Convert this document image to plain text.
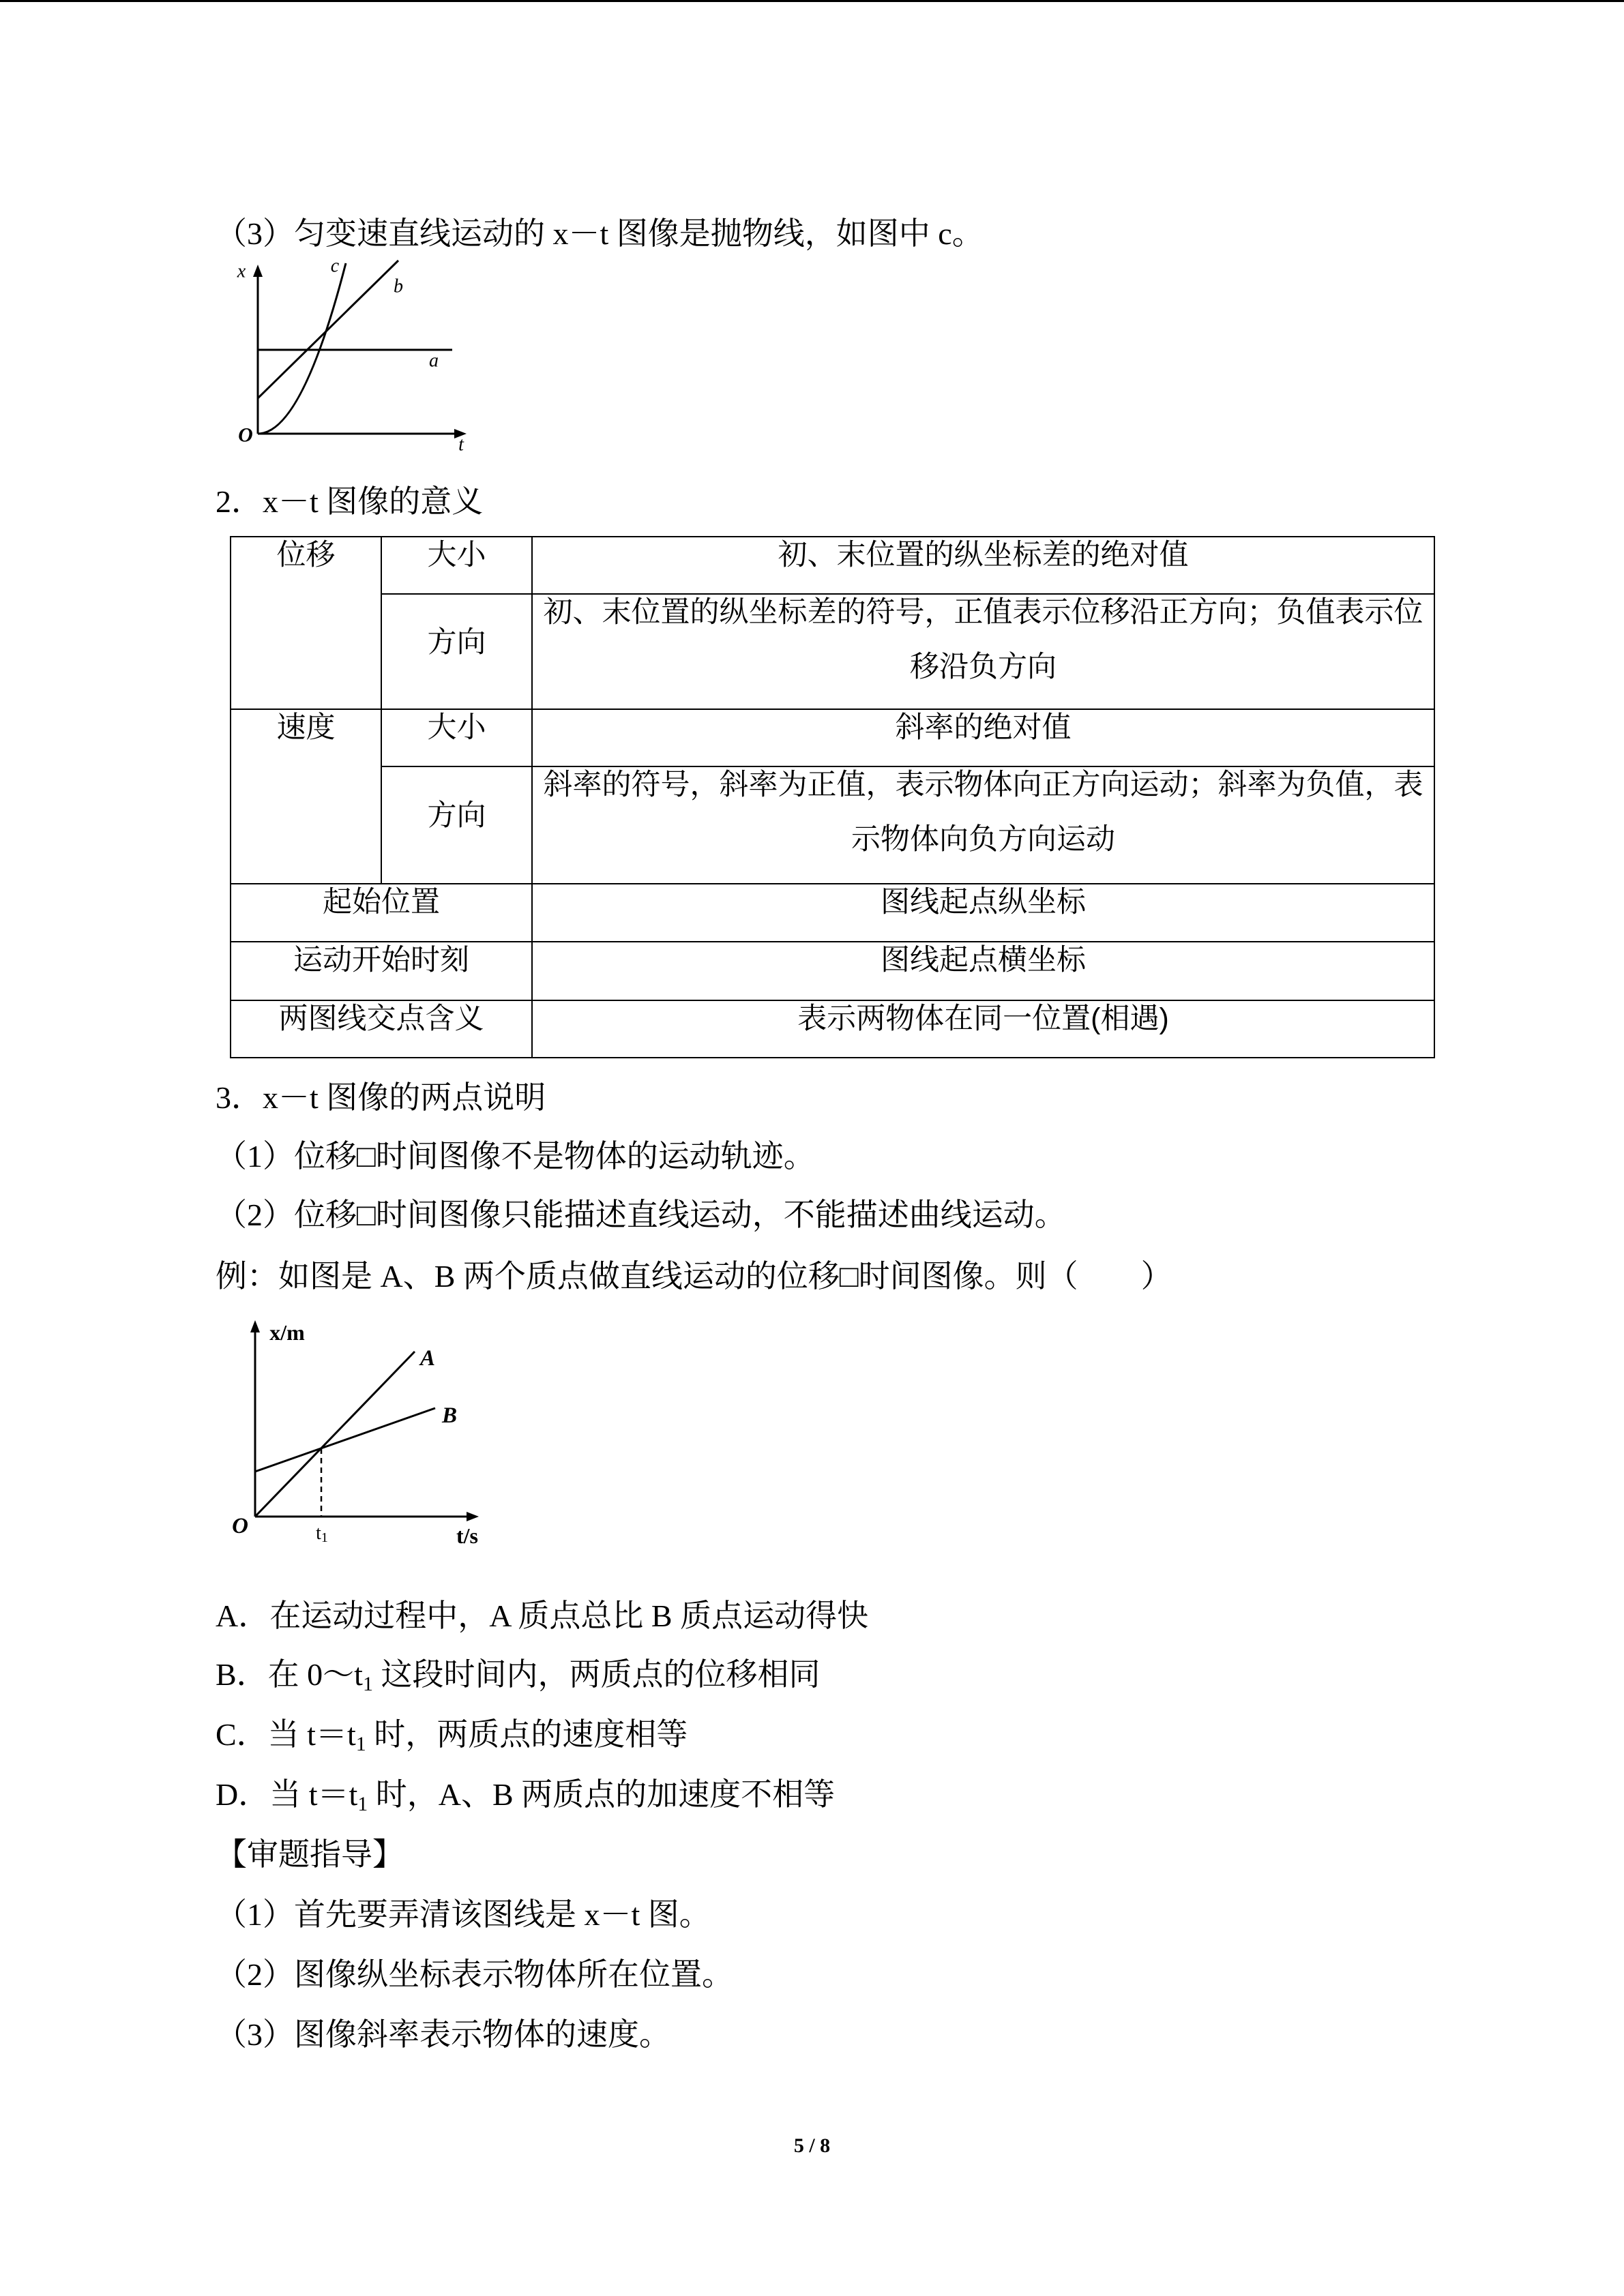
（3）匀变速直线运动的 x－t 图像是抛物线，如图中 c。
x
t
O
a
b
c
2．x－t 图像的意义
位移	大小	初、末位置的纵坐标差的绝对值

	方向	初、末位置的纵坐标差的符号，正值表示位移沿正方向；负值表示位
移沿负方向

速度	大小	斜率的绝对值

	方向	斜率的符号，斜率为正值，表示物体向正方向运动；斜率为负值，表
示物体向负方向运动

起始位置		图线起点纵坐标

运动开始时刻		图线起点横坐标

两图线交点含义		表示两物体在同一位置(相遇)
3．x－t 图像的两点说明
（1）位移□时间图像不是物体的运动轨迹。
（2）位移□时间图像只能描述直线运动，不能描述曲线运动。
例：如图是 A、B 两个质点做直线运动的位移□时间图像。则（　　）
x/m
t/s
O
A
B
$t_1$
A．在运动过程中，A 质点总比 B 质点运动得快
B．在 0～t1 这段时间内，两质点的位移相同
C．当 t＝t1 时，两质点的速度相等
D．当 t＝t1 时，A、B 两质点的加速度不相等
【审题指导】
（1）首先要弄清该图线是 x－t 图。
（2）图像纵坐标表示物体所在位置。
（3）图像斜率表示物体的速度。
5 / 8
